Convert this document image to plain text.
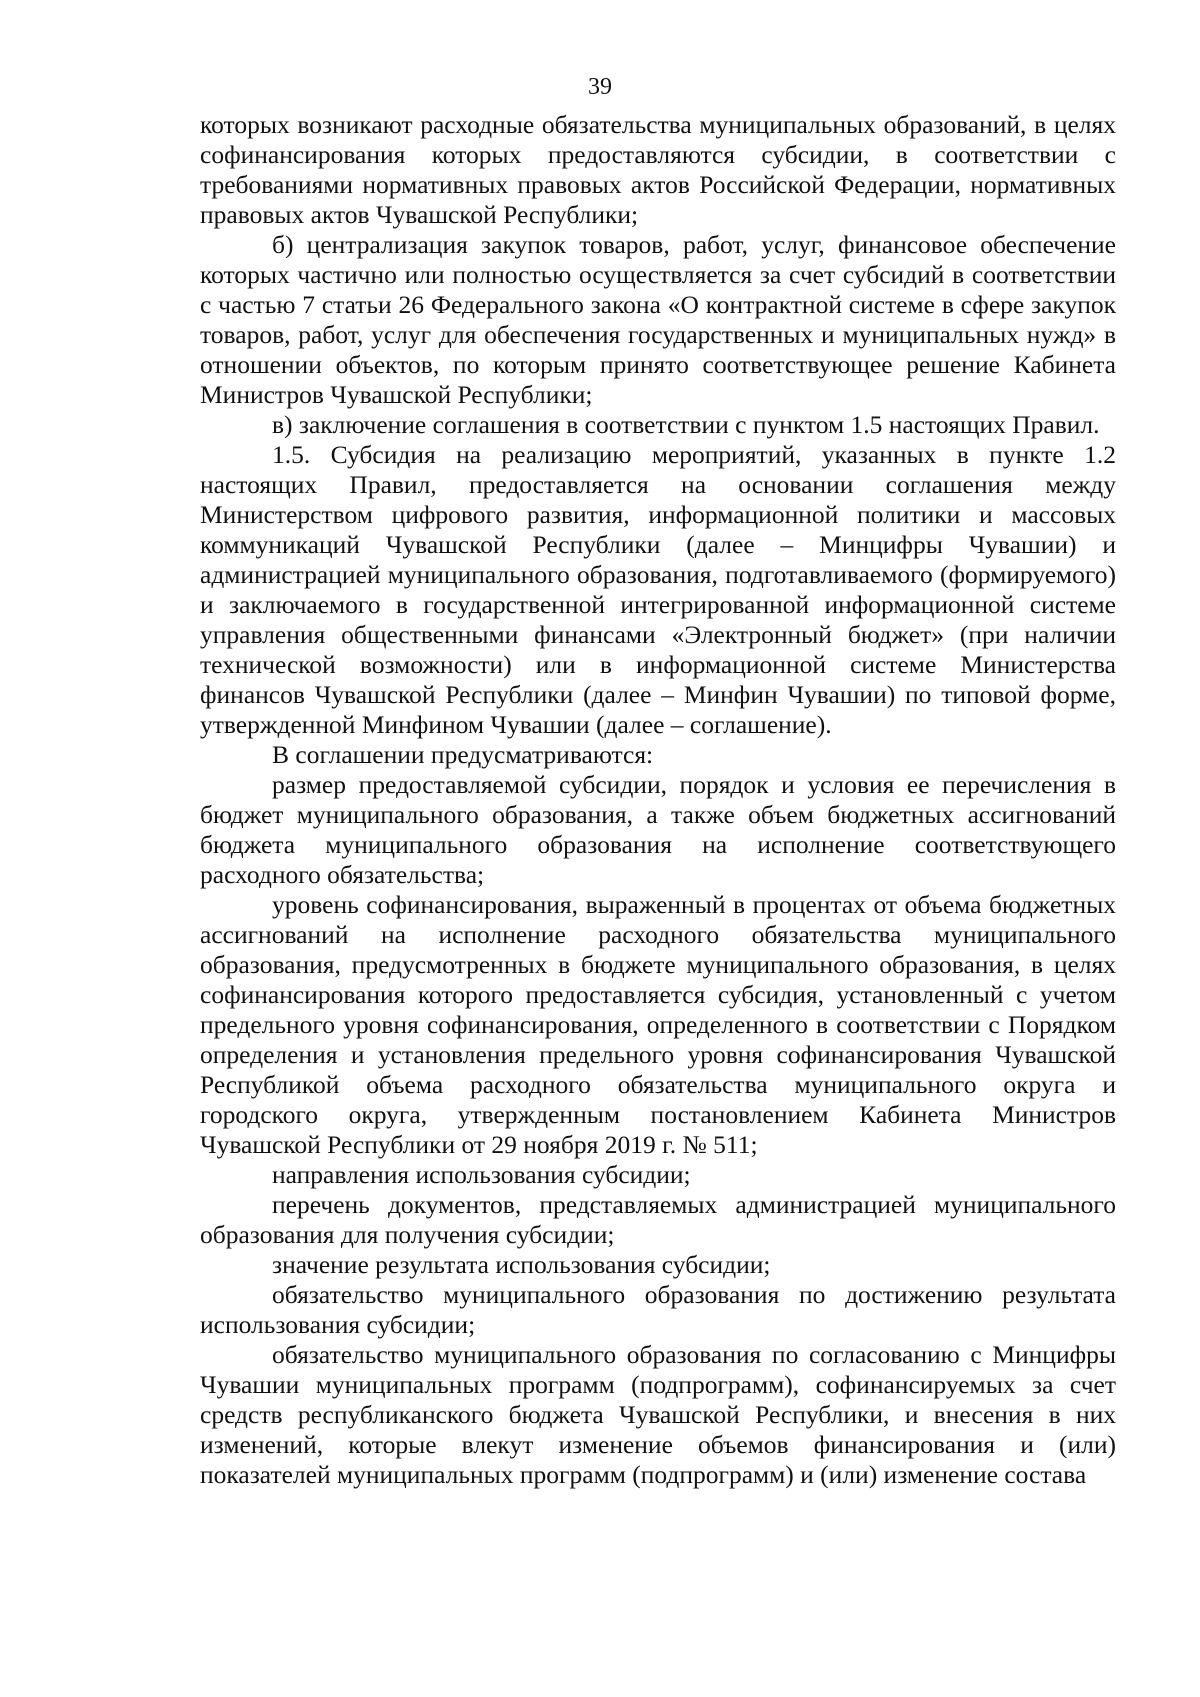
39

которых возникают расходные обязательства муниципальных образований, в целях софинансирования которых предоставляются субсидии, в соответствии с требованиями нормативных правовых актов Российской Федерации, нормативных правовых актов Чувашской Республики;

б) централизация закупок товаров, работ, услуг, финансовое обеспечение которых частично или полностью осуществляется за счет субсидий в соответствии с частью 7 статьи 26 Федерального закона «О контрактной системе в сфере закупок товаров, работ, услуг для обеспечения государственных и муниципальных нужд» в отношении объектов, по которым принято соответствующее решение Кабинета Министров Чувашской Республики;

в) заключение соглашения в соответствии с пунктом 1.5 настоящих Правил.

1.5. Субсидия на реализацию мероприятий, указанных в пункте 1.2 настоящих Правил, предоставляется на основании соглашения между Министерством цифрового развития, информационной политики и массовых коммуникаций Чувашской Республики (далее – Минцифры Чувашии) и администрацией муниципального образования, подготавливаемого (формируемого) и заключаемого в государственной интегрированной информационной системе управления общественными финансами «Электронный бюджет» (при наличии технической возможности) или в информационной системе Министерства финансов Чувашской Республики (далее – Минфин Чувашии) по типовой форме, утвержденной Минфином Чувашии (далее – соглашение).

В соглашении предусматриваются:

размер предоставляемой субсидии, порядок и условия ее перечисления в бюджет муниципального образования, а также объем бюджетных ассигнований бюджета муниципального образования на исполнение соответствующего расходного обязательства;

уровень софинансирования, выраженный в процентах от объема бюджетных ассигнований на исполнение расходного обязательства муниципального образования, предусмотренных в бюджете муниципального образования, в целях софинансирования которого предоставляется субсидия, установленный с учетом предельного уровня софинансирования, определенного в соответствии с Порядком определения и установления предельного уровня софинансирования Чувашской Республикой объема расходного обязательства муниципального округа и городского округа, утвержденным постановлением Кабинета Министров Чувашской Республики от 29 ноября 2019 г. № 511;

направления использования субсидии;

перечень документов, представляемых администрацией муниципального образования для получения субсидии;

значение результата использования субсидии;

обязательство муниципального образования по достижению результата использования субсидии;

обязательство муниципального образования по согласованию с Минцифры Чувашии муниципальных программ (подпрограмм), софинансируемых за счет средств республиканского бюджета Чувашской Республики, и внесения в них изменений, которые влекут изменение объемов финансирования и (или) показателей муниципальных программ (подпрограмм) и (или) изменение состава
